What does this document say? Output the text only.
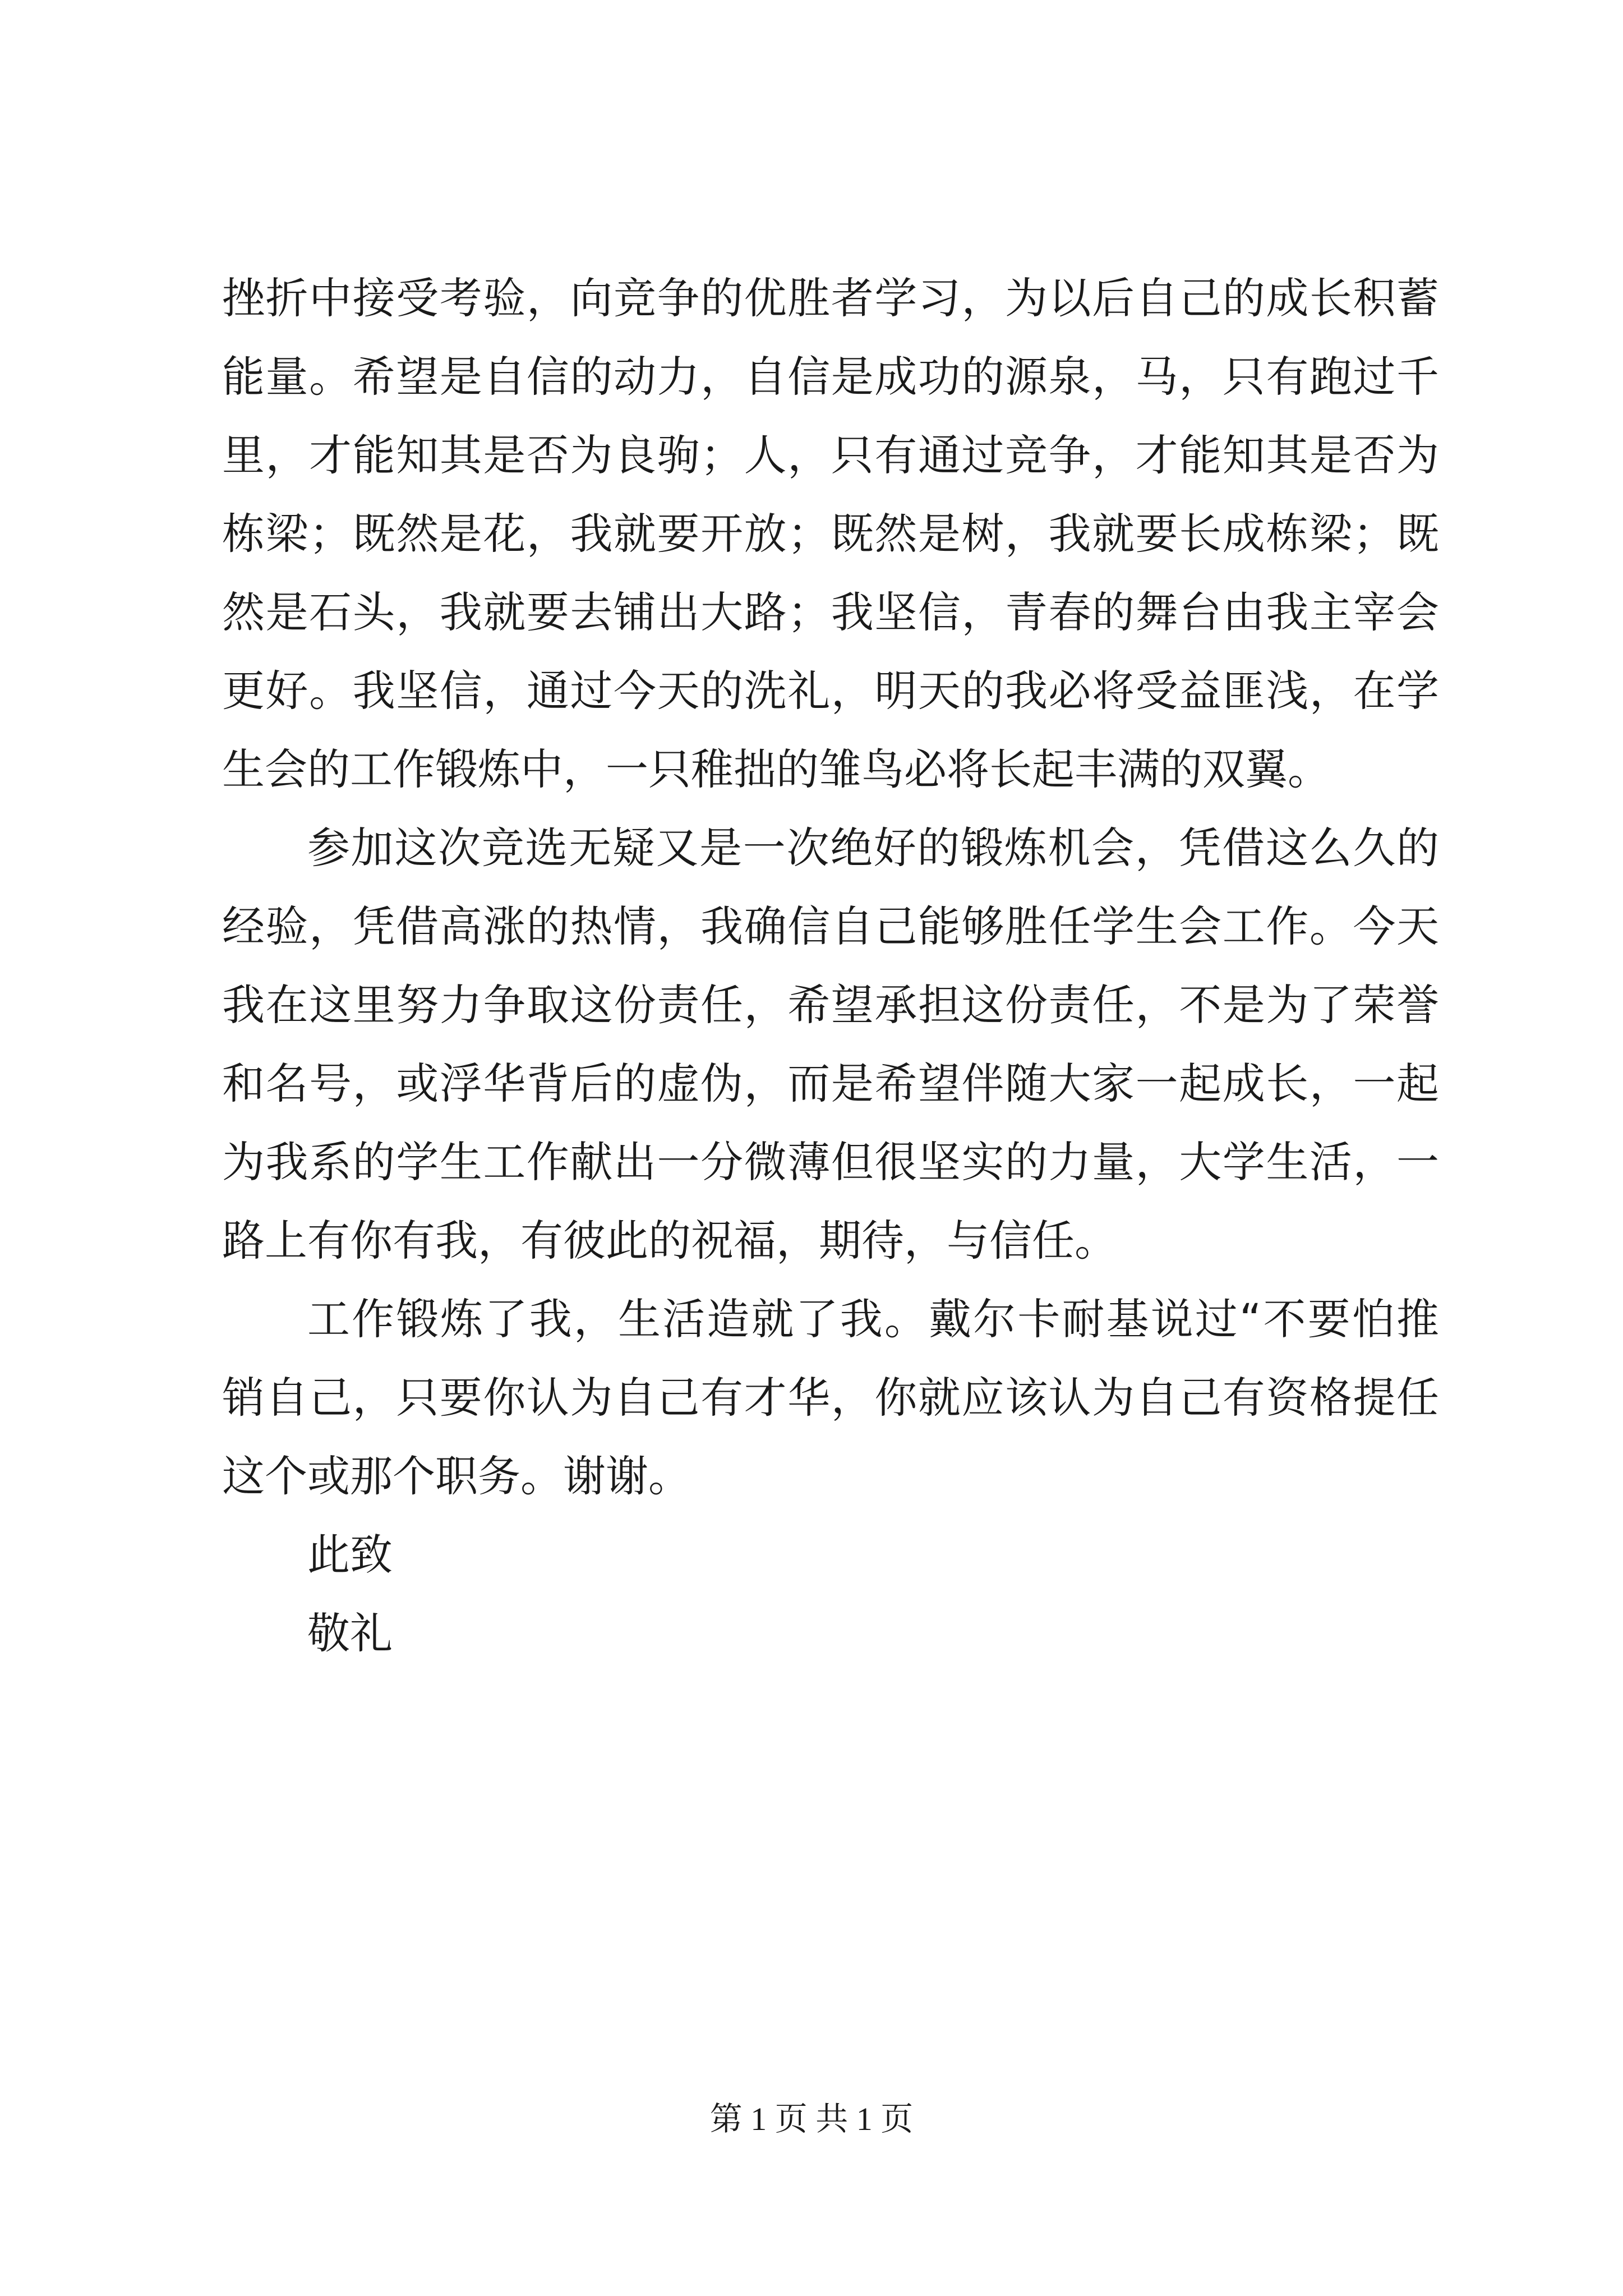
挫折中接受考验，向竞争的优胜者学习，为以后自己的成长积蓄
能量。希望是自信的动力，自信是成功的源泉，马，只有跑过千
里，才能知其是否为良驹；人，只有通过竞争，才能知其是否为
栋梁；既然是花，我就要开放；既然是树，我就要长成栋梁；既
然是石头，我就要去铺出大路；我坚信，青春的舞台由我主宰会
更好。我坚信，通过今天的洗礼，明天的我必将受益匪浅，在学
生会的工作锻炼中，一只稚拙的雏鸟必将长起丰满的双翼。
参加这次竞选无疑又是一次绝好的锻炼机会，凭借这么久的
经验，凭借高涨的热情，我确信自己能够胜任学生会工作。今天
我在这里努力争取这份责任，希望承担这份责任，不是为了荣誉
和名号，或浮华背后的虚伪，而是希望伴随大家一起成长，一起
为我系的学生工作献出一分微薄但很坚实的力量，大学生活，一
路上有你有我，有彼此的祝福，期待，与信任。
工作锻炼了我，生活造就了我。戴尔卡耐基说过“不要怕推
销自己，只要你认为自己有才华，你就应该认为自己有资格提任
这个或那个职务。谢谢。
此致
敬礼
第 1 页 共 1 页
